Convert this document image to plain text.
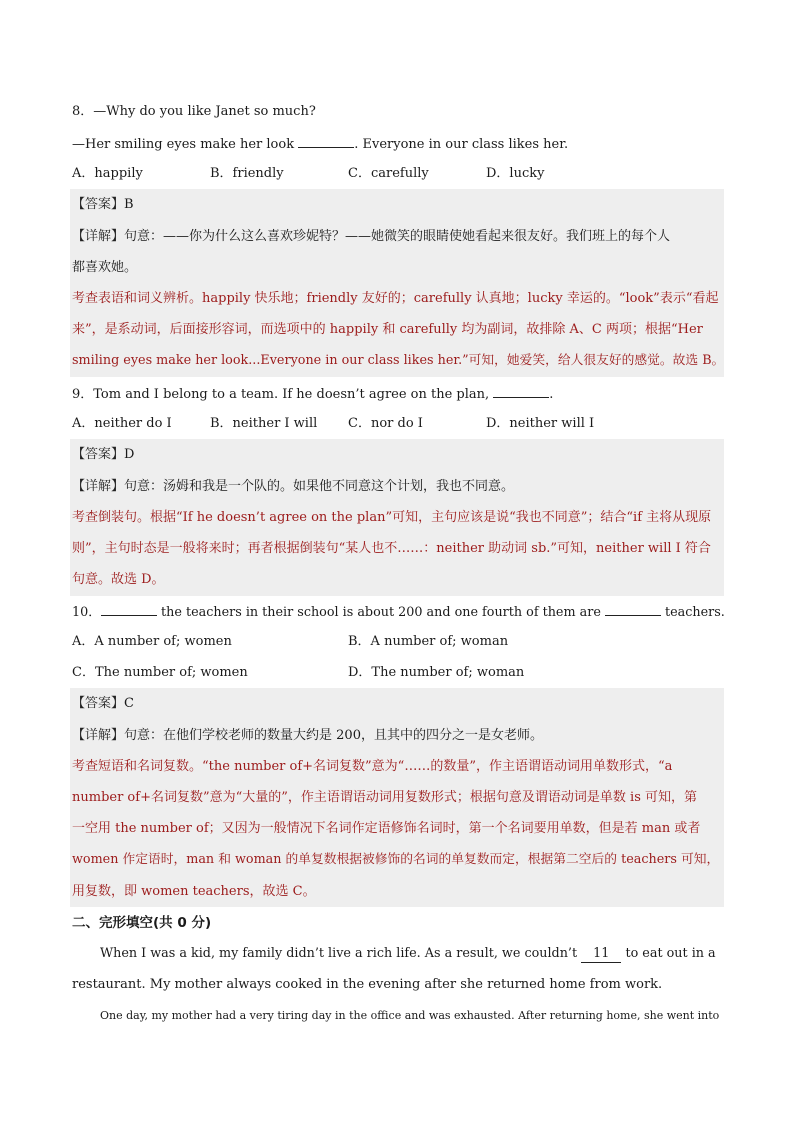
8．—Why do you like Janet so much?
—Her smiling eyes make her look	. Everyone in our class likes her.
A．happily	B．friendly	C．carefully	D．lucky
【答案】B
【详解】句意：——你为什么这么喜欢珍妮特？——她微笑的眼睛使她看起来很友好。我们班上的每个人
都喜欢她。
考查表语和词义辨析。happily 快乐地；friendly 友好的；carefully 认真地；lucky 幸运的。“look”表示“看起
来”，是系动词，后面接形容词，而选项中的 happily 和 carefully 均为副词，故排除 A、C 两项；根据“Her
smiling eyes make her look...Everyone in our class likes her.”可知，她爱笑，给人很友好的感觉。故选 B。
9．Tom and I belong to a team. If he doesn’t agree on the plan,	.
A．neither do I	B．neither I will C．nor do I	D．neither will I
【答案】D
【详解】句意：汤姆和我是一个队的。如果他不同意这个计划，我也不同意。
考查倒装句。根据“If he doesn’t agree on the plan”可知，主句应该是说“我也不同意”；结合“if 主将从现原
则”，主句时态是一般将来时；再者根据倒装句“某人也不……：neither 助动词 sb.”可知，neither will I 符合
句意。故选 D。
10．	the teachers in their school is about 200 and one fourth of them are	teachers.
A．A number of; women	B．A number of; woman
C．The number of; women	D．The number of; woman
【答案】C
【详解】句意：在他们学校老师的数量大约是 200，且其中的四分之一是女老师。
考查短语和名词复数。“the number of+名词复数”意为“……的数量”，作主语谓语动词用单数形式，“a
number of+名词复数”意为“大量的”，作主语谓语动词用复数形式；根据句意及谓语动词是单数 is 可知，第
一空用 the number of；又因为一般情况下名词作定语修饰名词时，第一个名词要用单数，但是若 man 或者
women 作定语时，man 和 woman 的单复数根据被修饰的名词的单复数而定，根据第二空后的 teachers 可知，
用复数，即 women teachers，故选 C。
二、完形填空(共 0 分)
When I was a kid, my family didn’t live a rich life. As a result, we couldn’t 11 to eat out in a
restaurant. My mother always cooked in the evening after she returned home from work.
One day, my mother had a very tiring day in the office and was exhausted. After returning home, she went into
